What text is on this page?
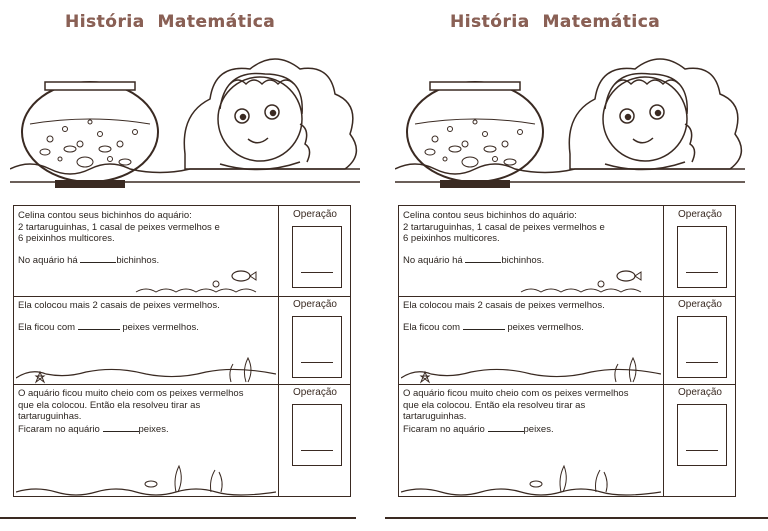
História Matemática
Celina contou seus bichinhos do aquário:
2 tartaruguinhas, 1 casal de peixes vermelhos e
6 peixinhos multicores.
No aquário há	bichinhos.
Operação
Ela colocou mais 2 casais de peixes vermelhos.
Ela ficou com	peixes vermelhos.
Operação
O aquário ficou muito cheio com os peixes vermelhos
que ela colocou. Então ela resolveu tirar as
tartaruguinhas.
Ficaram no aquário	peixes.
Operação
História Matemática
Celina contou seus bichinhos do aquário:
2 tartaruguinhas, 1 casal de peixes vermelhos e
6 peixinhos multicores.
No aquário há	bichinhos.
Operação
Ela colocou mais 2 casais de peixes vermelhos.
Ela ficou com	peixes vermelhos.
Operação
O aquário ficou muito cheio com os peixes vermelhos
que ela colocou. Então ela resolveu tirar as
tartaruguinhas.
Ficaram no aquário	peixes.
Operação
